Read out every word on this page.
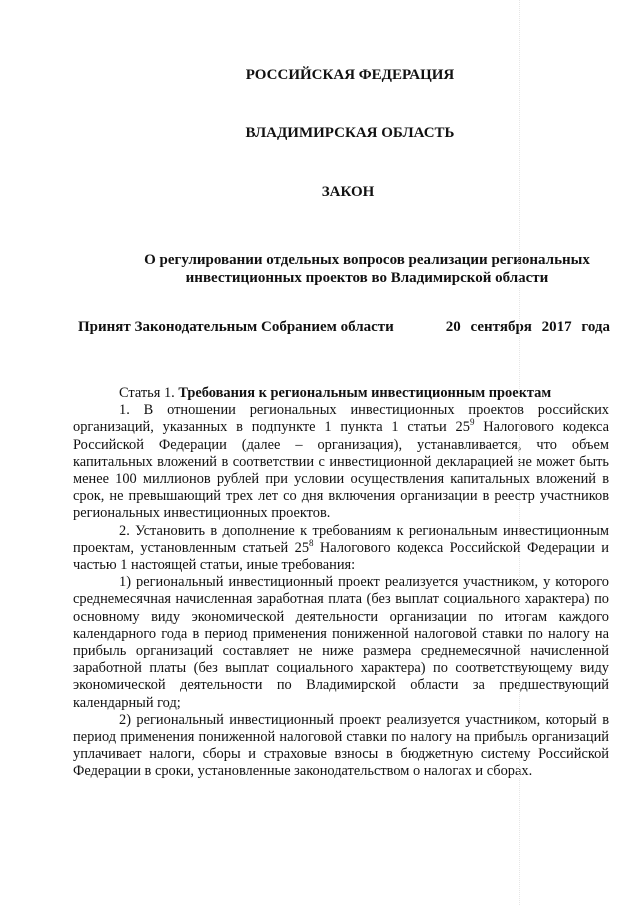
РОССИЙСКАЯ ФЕДЕРАЦИЯ
ВЛАДИМИРСКАЯ ОБЛАСТЬ
ЗАКОН
О регулировании отдельных вопросов реализации региональных инвестиционных проектов во Владимирской области
Принят Законодательным Собранием области	20 сентября 2017 года
Статья 1. Требования к региональным инвестиционным проектам

1. В отношении региональных инвестиционных проектов российских организаций, указанных в подпункте 1 пункта 1 статьи $25^9$ Налогового кодекса Российской Федерации (далее – организация), устанавливается, что объем капитальных вложений в соответствии с инвестиционной декларацией не может быть менее 100 миллионов рублей при условии осуществления капитальных вложений в срок, не превышающий трех лет со дня включения организации в реестр участников региональных инвестиционных проектов.

2. Установить в дополнение к требованиям к региональным инвестиционным проектам, установленным статьей $25^8$ Налогового кодекса Российской Федерации и частью 1 настоящей статьи, иные требования:

1) региональный инвестиционный проект реализуется участником, у которого среднемесячная начисленная заработная плата (без выплат социального характера) по основному виду экономической деятельности организации по итогам каждого календарного года в период применения пониженной налоговой ставки по налогу на прибыль организаций составляет не ниже размера среднемесячной начисленной заработной платы (без выплат социального характера) по соответствующему виду экономической деятельности по Владимирской области за предшествующий календарный год;

2) региональный инвестиционный проект реализуется участником, который в период применения пониженной налоговой ставки по налогу на прибыль организаций уплачивает налоги, сборы и страховые взносы в бюджетную систему Российской Федерации в сроки, установленные законодательством о налогах и сборах.
